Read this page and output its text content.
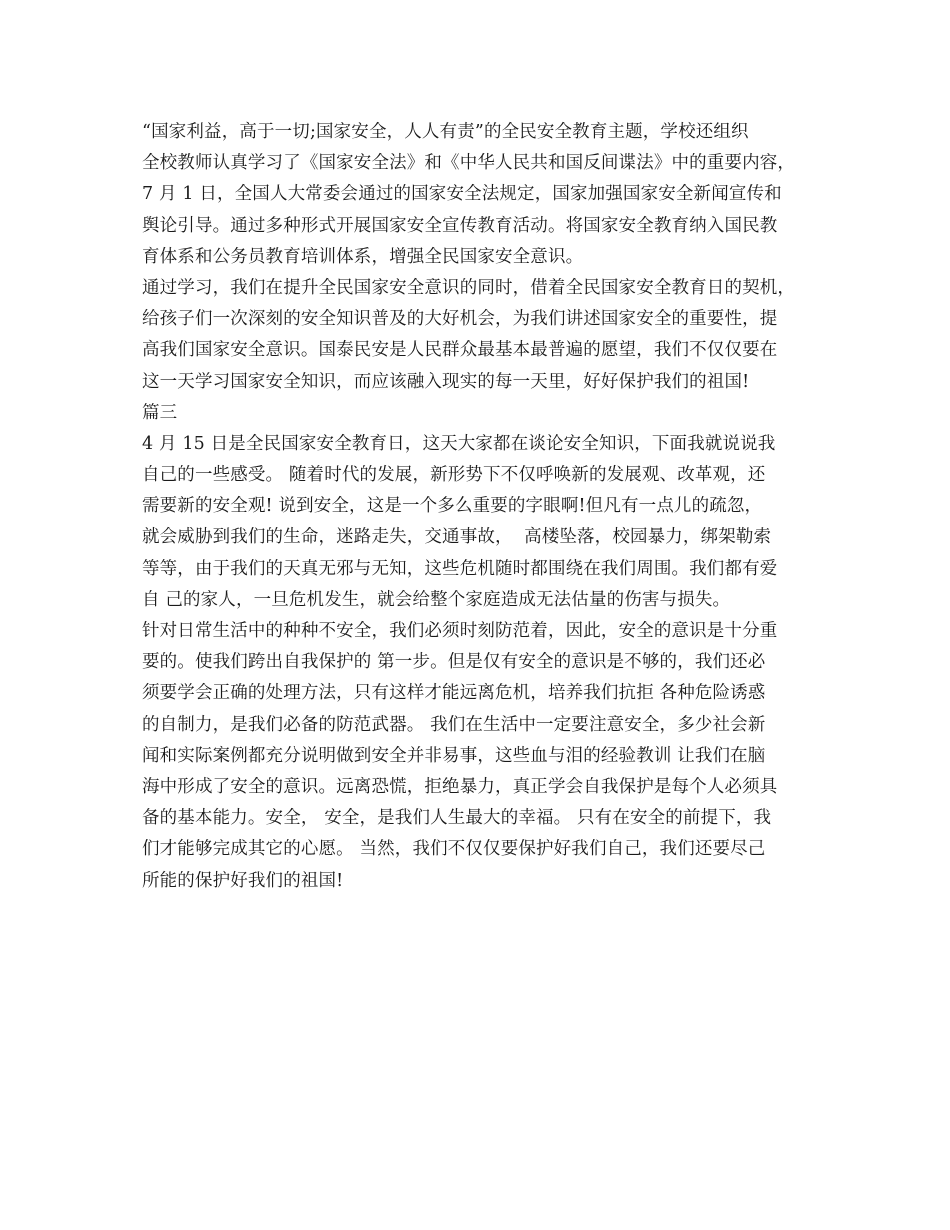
“国家利益，高于一切;国家安全，人人有责”的全民安全教育主题，学校还组织
全校教师认真学习了《国家安全法》和《中华人民共和国反间谍法》中的重要内容，
7 月 1 日，全国人大常委会通过的国家安全法规定，国家加强国家安全新闻宣传和
舆论引导。通过多种形式开展国家安全宣传教育活动。将国家安全教育纳入国民教
育体系和公务员教育培训体系，增强全民国家安全意识。
通过学习，我们在提升全民国家安全意识的同时，借着全民国家安全教育日的契机，
给孩子们一次深刻的安全知识普及的大好机会，为我们讲述国家安全的重要性，提
高我们国家安全意识。国泰民安是人民群众最基本最普遍的愿望，我们不仅仅要在
这一天学习国家安全知识，而应该融入现实的每一天里，好好保护我们的祖国!
篇三
4 月 15 日是全民国家安全教育日，这天大家都在谈论安全知识，下面我就说说我
自己的一些感受。 随着时代的发展，新形势下不仅呼唤新的发展观、改革观，还
需要新的安全观! 说到安全，这是一个多么重要的字眼啊!但凡有一点儿的疏忽，
就会威胁到我们的生命，迷路走失，交通事故，  高楼坠落，校园暴力，绑架勒索
等等，由于我们的天真无邪与无知，这些危机随时都围绕在我们周围。我们都有爱
自 己的家人，一旦危机发生，就会给整个家庭造成无法估量的伤害与损失。
针对日常生活中的种种不安全，我们必须时刻防范着，因此，安全的意识是十分重
要的。使我们跨出自我保护的 第一步。但是仅有安全的意识是不够的，我们还必
须要学会正确的处理方法，只有这样才能远离危机，培养我们抗拒 各种危险诱惑
的自制力，是我们必备的防范武器。 我们在生活中一定要注意安全，多少社会新
闻和实际案例都充分说明做到安全并非易事，这些血与泪的经验教训 让我们在脑
海中形成了安全的意识。远离恐慌，拒绝暴力，真正学会自我保护是每个人必须具
备的基本能力。安全， 安全，是我们人生最大的幸福。 只有在安全的前提下，我
们才能够完成其它的心愿。 当然，我们不仅仅要保护好我们自己，我们还要尽己
所能的保护好我们的祖国!
